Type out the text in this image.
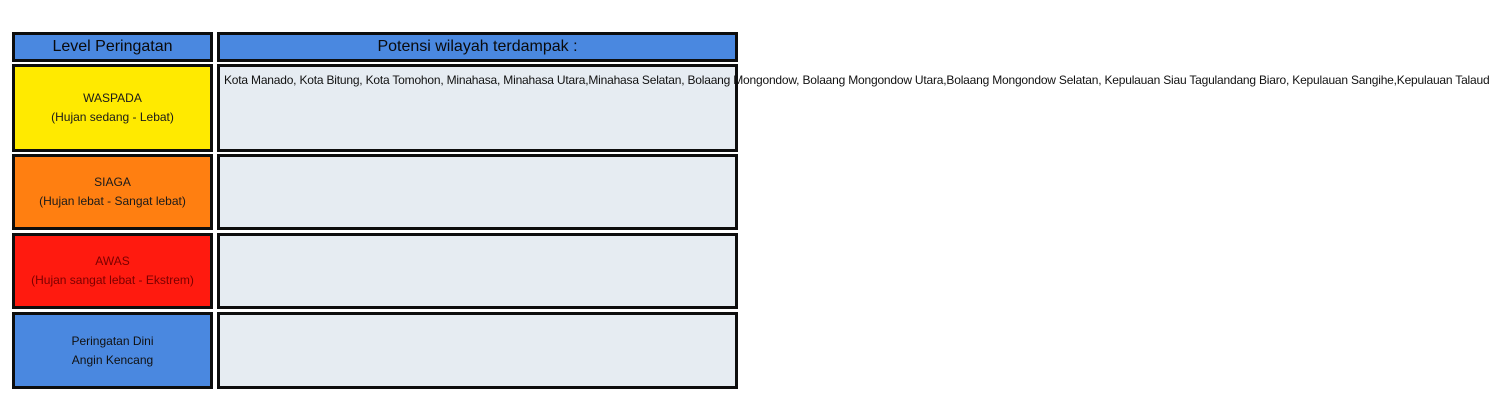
Level Peringatan	Potensi wilayah terdampak :
WASPADA
(Hujan sedang - Lebat)
Kota Manado, Kota Bitung, Kota Tomohon, Minahasa, Minahasa Utara, Minahasa Selatan, Bolaang Mongondow, Bolaang Mongondow Utara, Bolaang Mongondow Selatan, Kepulauan Siau Tagulandang Biaro, Kepulauan Sangihe, Kepulauan Talaud
SIAGA
(Hujan lebat - Sangat lebat)
AWAS
(Hujan sangat lebat - Ekstrem)
Peringatan Dini
Angin Kencang
